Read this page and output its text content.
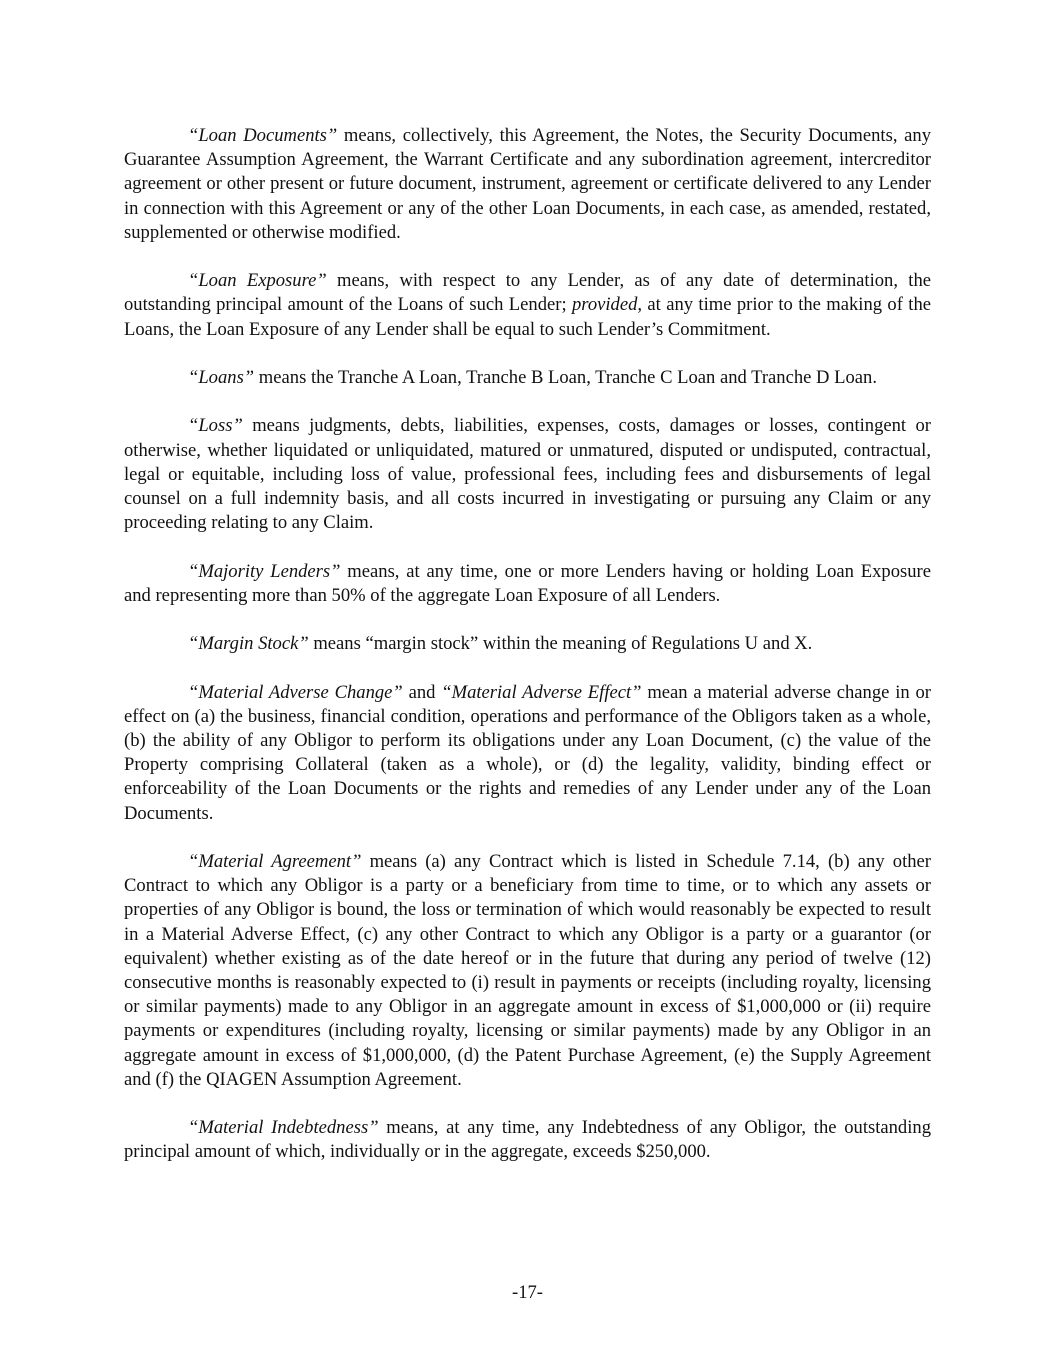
“Loan Documents” means, collectively, this Agreement, the Notes, the Security Documents, any Guarantee Assumption Agreement, the Warrant Certificate and any subordination agreement, intercreditor agreement or other present or future document, instrument, agreement or certificate delivered to any Lender in connection with this Agreement or any of the other Loan Documents, in each case, as amended, restated, supplemented or otherwise modified.

“Loan Exposure” means, with respect to any Lender, as of any date of determination, the outstanding principal amount of the Loans of such Lender; provided, at any time prior to the making of the Loans, the Loan Exposure of any Lender shall be equal to such Lender’s Commitment.

“Loans” means the Tranche A Loan, Tranche B Loan, Tranche C Loan and Tranche D Loan.

“Loss” means judgments, debts, liabilities, expenses, costs, damages or losses, contingent or otherwise, whether liquidated or unliquidated, matured or unmatured, disputed or undisputed, contractual, legal or equitable, including loss of value, professional fees, including fees and disbursements of legal counsel on a full indemnity basis, and all costs incurred in investigating or pursuing any Claim or any proceeding relating to any Claim.

“Majority Lenders” means, at any time, one or more Lenders having or holding Loan Exposure and representing more than 50% of the aggregate Loan Exposure of all Lenders.

“Margin Stock” means “margin stock” within the meaning of Regulations U and X.

“Material Adverse Change” and “Material Adverse Effect” mean a material adverse change in or effect on (a) the business, financial condition, operations and performance of the Obligors taken as a whole, (b) the ability of any Obligor to perform its obligations under any Loan Document, (c) the value of the Property comprising Collateral (taken as a whole), or (d) the legality, validity, binding effect or enforceability of the Loan Documents or the rights and remedies of any Lender under any of the Loan Documents.

“Material Agreement” means (a) any Contract which is listed in Schedule 7.14, (b) any other Contract to which any Obligor is a party or a beneficiary from time to time, or to which any assets or properties of any Obligor is bound, the loss or termination of which would reasonably be expected to result in a Material Adverse Effect, (c) any other Contract to which any Obligor is a party or a guarantor (or equivalent) whether existing as of the date hereof or in the future that during any period of twelve (12) consecutive months is reasonably expected to (i) result in payments or receipts (including royalty, licensing or similar payments) made to any Obligor in an aggregate amount in excess of $1,000,000 or (ii) require payments or expenditures (including royalty, licensing or similar payments) made by any Obligor in an aggregate amount in excess of $1,000,000, (d) the Patent Purchase Agreement, (e) the Supply Agreement and (f) the QIAGEN Assumption Agreement.

“Material Indebtedness” means, at any time, any Indebtedness of any Obligor, the outstanding principal amount of which, individually or in the aggregate, exceeds $250,000.

-17-
